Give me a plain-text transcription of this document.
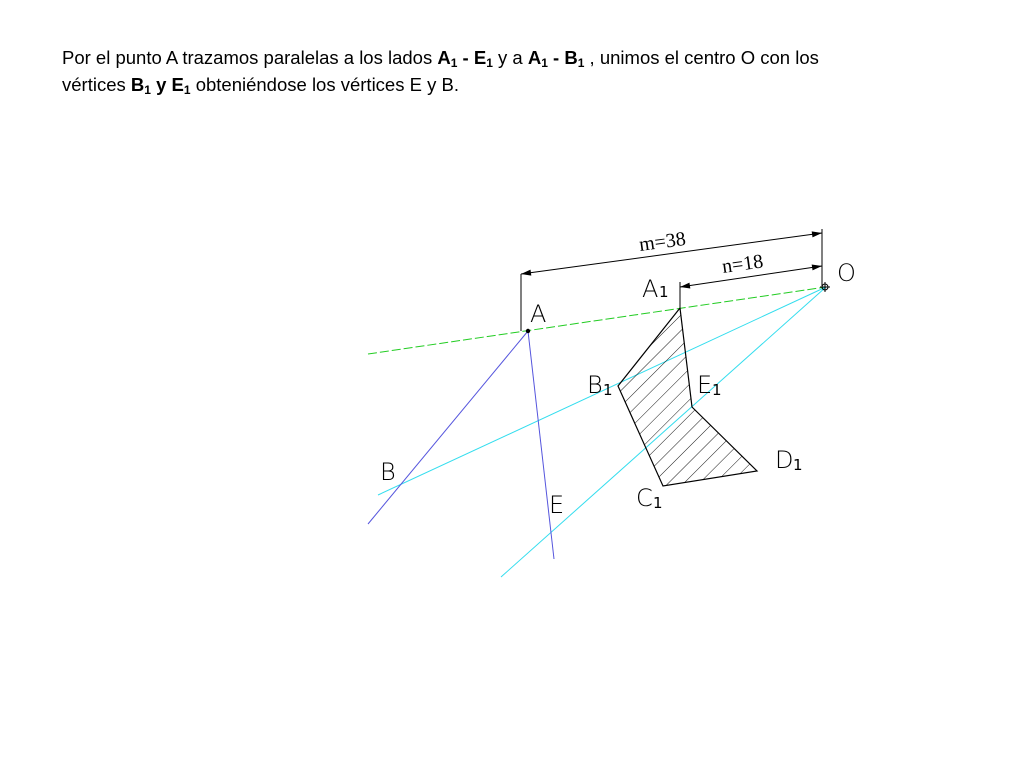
Por el punto A trazamos paralelas a los lados $A_1 - E_1$ y a $A_1 - B_1$ , unimos el centro O con los
vértices $B_1$ y $E_1$ obteniéndose los vértices E y B.
m=38
n=18	O
A
A 1
B 1	E 1
D 1
C 1
B
E
